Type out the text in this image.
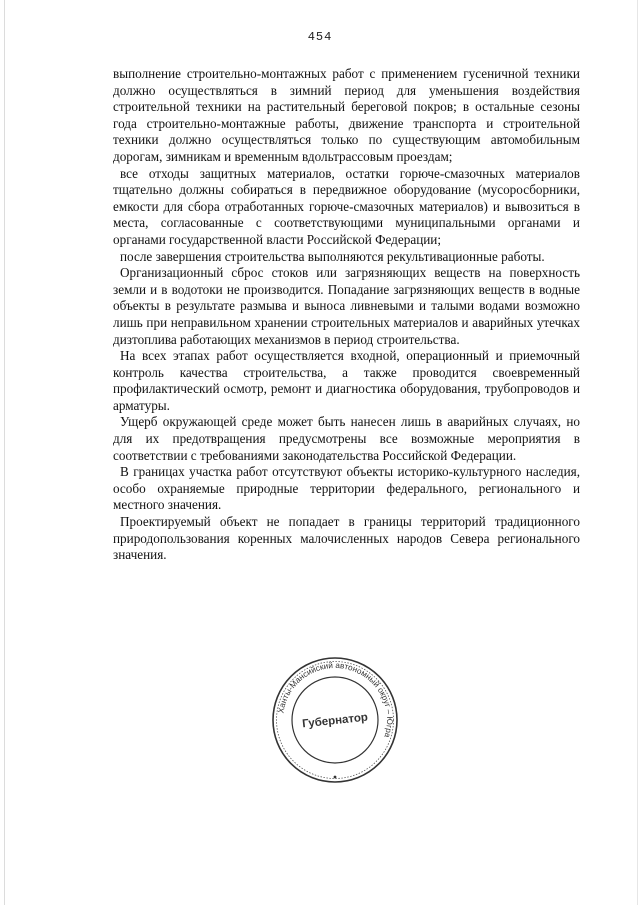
454

выполнение строительно-монтажных работ с применением гусеничной техники должно осуществляться в зимний период для уменьшения воздействия строительной техники на растительный береговой покров; в остальные сезоны года строительно-монтажные работы, движение транспорта и строительной техники должно осуществляться только по существующим автомобильным дорогам, зимникам и временным вдольтрассовым проездам;

все отходы защитных материалов, остатки горюче-смазочных материалов тщательно должны собираться в передвижное оборудование (мусоросборники, емкости для сбора отработанных горюче-смазочных материалов) и вывозиться в места, согласованные с соответствующими муниципальными органами и органами государственной власти Российской Федерации;

после завершения строительства выполняются рекультивационные работы.

Организационный сброс стоков или загрязняющих веществ на поверхность земли и в водотоки не производится. Попадание загрязняющих веществ в водные объекты в результате размыва и выноса ливневыми и талыми водами возможно лишь при неправильном хранении строительных материалов и аварийных утечках дизтоплива работающих механизмов в период строительства.

На всех этапах работ осуществляется входной, операционный и приемочный контроль качества строительства, а также проводится своевременный профилактический осмотр, ремонт и диагностика оборудования, трубопроводов и арматуры.

Ущерб окружающей среде может быть нанесен лишь в аварийных случаях, но для их предотвращения предусмотрены все возможные мероприятия в соответствии с требованиями законодательства Российской Федерации.

В границах участка работ отсутствуют объекты историко-культурного наследия, особо охраняемые природные территории федерального, регионального и местного значения.

Проектируемый объект не попадает в границы территорий традиционного природопользования коренных малочисленных народов Севера регионального значения.

Ханты-Мансийский автономный округ – Югра
Губернатор
